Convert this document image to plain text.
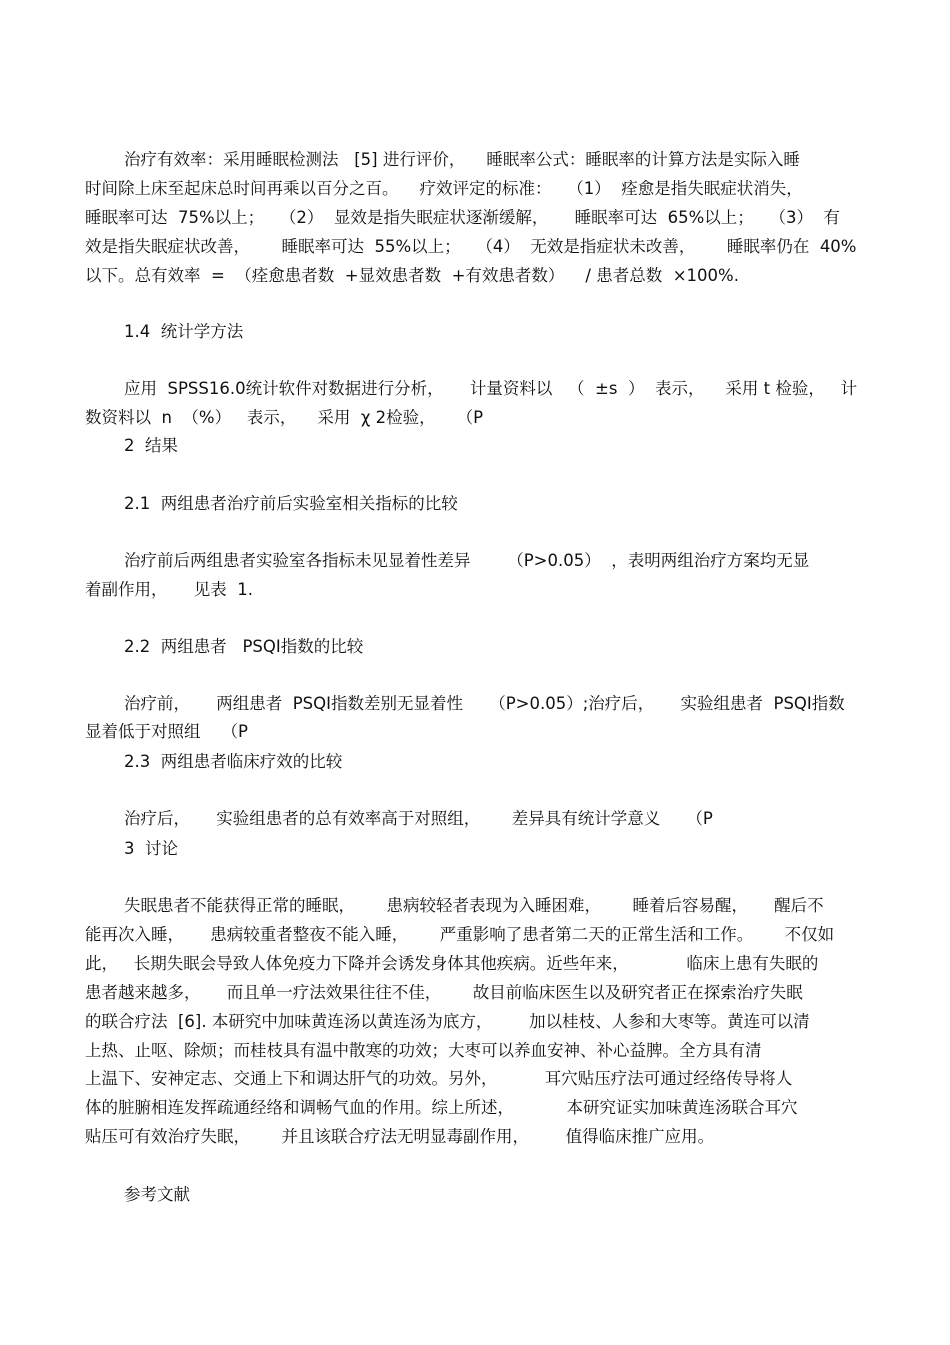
治疗有效率：采用睡眠检测法   [5] 进行评价，    睡眠率公式：睡眠率的计算方法是实际入睡
时间除上床至起床总时间再乘以百分之百。    疗效评定的标准：   （1）  痊愈是指失眠症状消失，
睡眠率可达  75%以上；   （2）  显效是指失眠症状逐渐缓解，     睡眠率可达  65%以上；   （3）  有
效是指失眠症状改善，      睡眠率可达  55%以上；   （4）  无效是指症状未改善，      睡眠率仍在  40%
以下。总有效率  =  （痊愈患者数  +显效患者数  +有效患者数）    / 患者总数  ×100%.
1.4  统计学方法
应用  SPSS16.0统计软件对数据进行分析，     计量资料以   （  ±s  ）  表示，    采用 t 检验，   计
数资料以  n  （%）   表示，    采用  χ 2检验，    （P
2  结果
2.1  两组患者治疗前后实验室相关指标的比较
治疗前后两组患者实验室各指标未见显着性差异       （P>0.05）  ，表明两组治疗方案均无显
着副作用，     见表  1.
2.2  两组患者   PSQI指数的比较
治疗前，     两组患者  PSQI指数差别无显着性     （P>0.05）;治疗后，     实验组患者  PSQI指数
显着低于对照组    （P
2.3  两组患者临床疗效的比较
治疗后，     实验组患者的总有效率高于对照组，      差异具有统计学意义     （P
3  讨论
失眠患者不能获得正常的睡眠，      患病较轻者表现为入睡困难，      睡着后容易醒，     醒后不
能再次入睡，     患病较重者整夜不能入睡，      严重影响了患者第二天的正常生活和工作。      不仅如
此，   长期失眠会导致人体免疫力下降并会诱发身体其他疾病。近些年来，           临床上患有失眠的
患者越来越多，     而且单一疗法效果往往不佳，      故目前临床医生以及研究者正在探索治疗失眠
的联合疗法  [6]. 本研究中加味黄连汤以黄连汤为底方，       加以桂枝、人参和大枣等。黄连可以清
上热、止呕、除烦；而桂枝具有温中散寒的功效；大枣可以养血安神、补心益脾。全方具有清
上温下、安神定志、交通上下和调达肝气的功效。另外，         耳穴贴压疗法可通过经络传导将人
体的脏腑相连发挥疏通经络和调畅气血的作用。综上所述，          本研究证实加味黄连汤联合耳穴
贴压可有效治疗失眠，      并且该联合疗法无明显毒副作用，       值得临床推广应用。
参考文献
